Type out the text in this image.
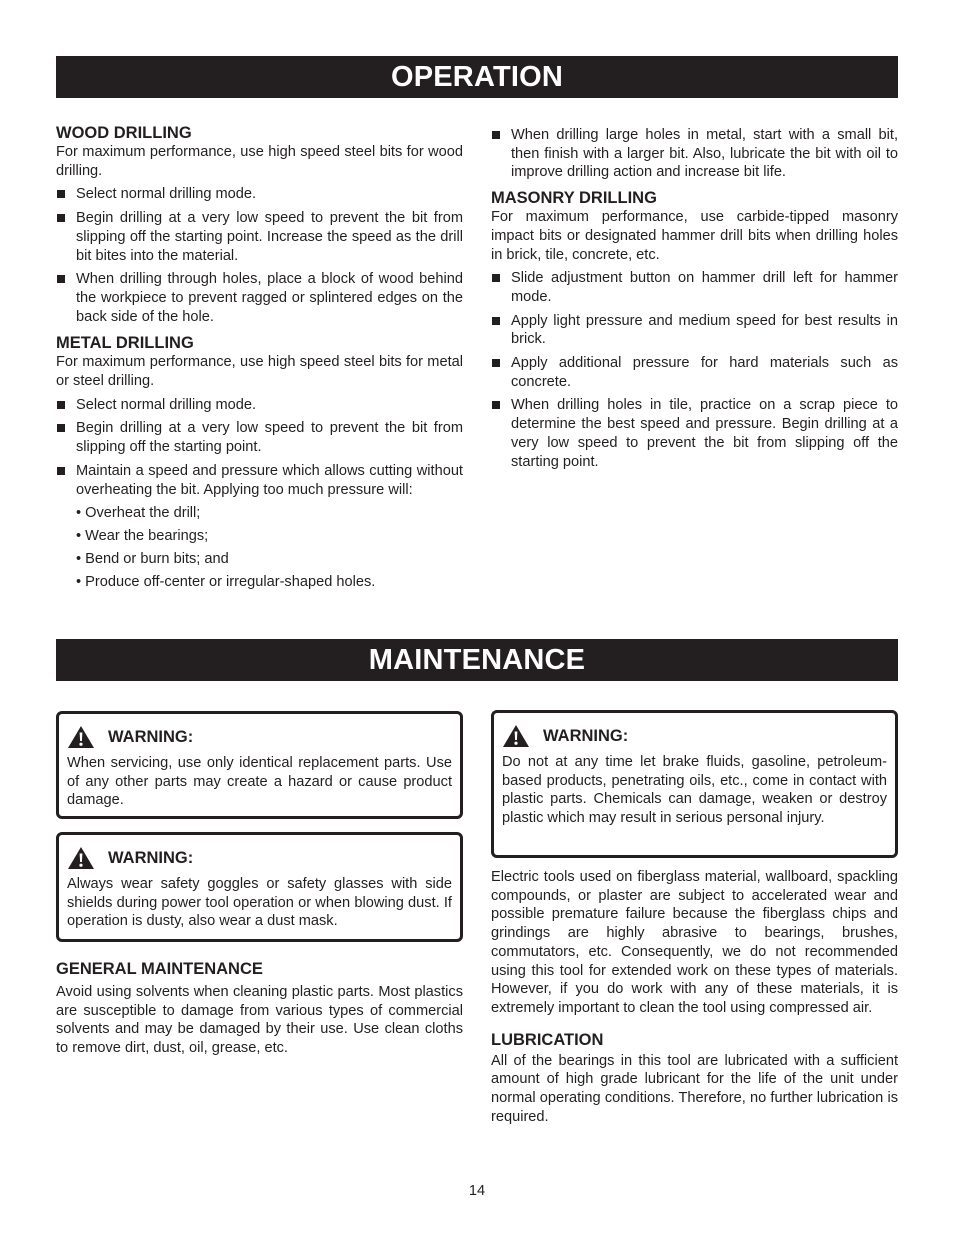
OPERATION
WOOD DRILLING

For maximum performance, use high speed steel bits for wood drilling.

Select normal drilling mode.
Begin drilling at a very low speed to prevent the bit from slipping off the starting point. Increase the speed as the drill bit bites into the material.
When drilling through holes, place a block of wood behind the workpiece to prevent ragged or splintered edges on the back side of the hole.
METAL DRILLING

For maximum performance, use high speed steel bits for metal or steel drilling.

Select normal drilling mode.
Begin drilling at a very low speed to prevent the bit from slipping off the starting point.
Maintain a speed and pressure which allows cutting without overheating the bit. Applying too much pressure will:
• Overheat the drill;
• Wear the bearings;
• Bend or burn bits; and
• Produce off-center or irregular-shaped holes.
When drilling large holes in metal, start with a small bit, then finish with a larger bit. Also, lubricate the bit with oil to improve drilling action and increase bit life.
MASONRY DRILLING

For maximum performance, use carbide-tipped masonry impact bits or designated hammer drill bits when drilling holes in brick, tile, concrete, etc.

Slide adjustment button on hammer drill left for hammer mode.
Apply light pressure and medium speed for best results in brick.
Apply additional pressure for hard materials such as concrete.
When drilling holes in tile, practice on a scrap piece to determine the best speed and pressure. Begin drilling at a very low speed to prevent the bit from slipping off the starting point.
MAINTENANCE
WARNING:

When servicing, use only identical replacement parts. Use of any other parts may create a hazard or cause product damage.

WARNING:

Always wear safety goggles or safety glasses with side shields during power tool operation or when blowing dust. If operation is dusty, also wear a dust mask.

GENERAL MAINTENANCE

Avoid using solvents when cleaning plastic parts. Most plastics are susceptible to damage from various types of commercial solvents and may be damaged by their use. Use clean cloths to remove dirt, dust, oil, grease, etc.

WARNING:

Do not at any time let brake fluids, gasoline, petroleum-based products, penetrating oils, etc., come in contact with plastic parts. Chemicals can damage, weaken or destroy plastic which may result in serious personal injury.

Electric tools used on fiberglass material, wallboard, spackling compounds, or plaster are subject to accelerated wear and possible premature failure because the fiberglass chips and grindings are highly abrasive to bearings, brushes, commutators, etc. Consequently, we do not recommended using this tool for extended work on these types of materials. However, if you do work with any of these materials, it is extremely important to clean the tool using compressed air.

LUBRICATION

All of the bearings in this tool are lubricated with a sufficient amount of high grade lubricant for the life of the unit under normal operating conditions. Therefore, no further lubrication is required.

14
